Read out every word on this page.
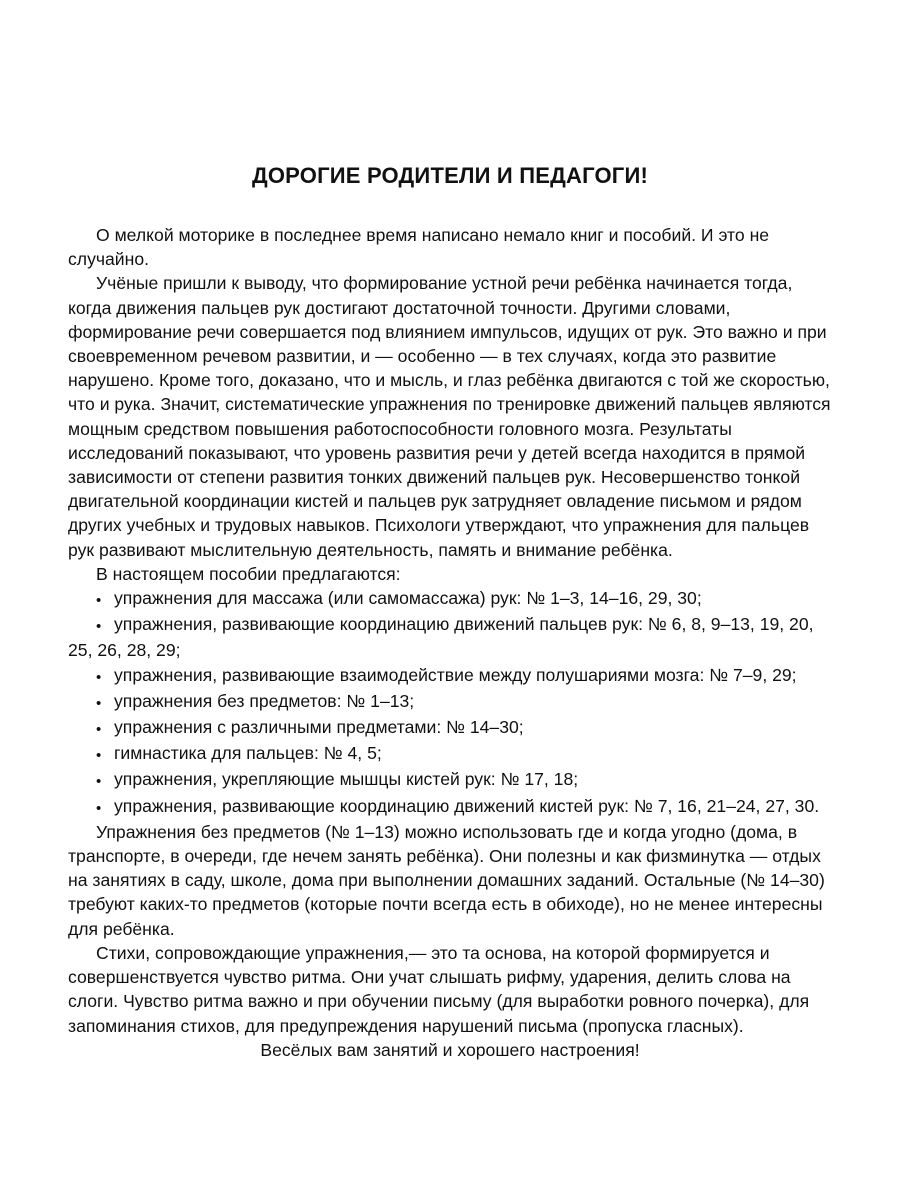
ДОРОГИЕ РОДИТЕЛИ И ПЕДАГОГИ!

О мелкой моторике в последнее время написано немало книг и пособий. И это не случайно.

Учёные пришли к выводу, что формирование устной речи ребёнка начинается тогда, когда движения пальцев рук достигают достаточной точности. Другими словами, формирование речи совершается под влиянием импульсов, идущих от рук. Это важно и при своевременном речевом развитии, и — особенно — в тех случаях, когда это развитие нарушено. Кроме того, доказано, что и мысль, и глаз ребёнка двигаются с той же скоростью, что и рука. Значит, систематические упражнения по тренировке движений пальцев являются мощным средством повышения работоспособности головного мозга. Результаты исследований показывают, что уровень развития речи у детей всегда находится в прямой зависимости от степени развития тонких движений пальцев рук. Несовершенство тонкой двигательной координации кистей и пальцев рук затрудняет овладение письмом и рядом других учебных и трудовых навыков. Психологи утверждают, что упражнения для пальцев рук развивают мыслительную деятельность, память и внимание ребёнка.

В настоящем пособии предлагаются:

• упражнения для массажа (или самомассажа) рук: № 1–3, 14–16, 29, 30;
• упражнения, развивающие координацию движений пальцев рук: № 6, 8, 9–13, 19, 20, 25, 26, 28, 29;
• упражнения, развивающие взаимодействие между полушариями мозга: № 7–9, 29;
• упражнения без предметов: № 1–13;
• упражнения с различными предметами: № 14–30;
• гимнастика для пальцев: № 4, 5;
• упражнения, укрепляющие мышцы кистей рук: № 17, 18;
• упражнения, развивающие координацию движений кистей рук: № 7, 16, 21–24, 27, 30.

Упражнения без предметов (№ 1–13) можно использовать где и когда угодно (дома, в транспорте, в очереди, где нечем занять ребёнка). Они полезны и как физминутка — отдых на занятиях в саду, школе, дома при выполнении домашних заданий. Остальные (№ 14–30) требуют каких-то предметов (которые почти всегда есть в обиходе), но не менее интересны для ребёнка.

Стихи, сопровождающие упражнения,— это та основа, на которой формируется и совершенствуется чувство ритма. Они учат слышать рифму, ударения, делить слова на слоги. Чувство ритма важно и при обучении письму (для выработки ровного почерка), для запоминания стихов, для предупреждения нарушений письма (пропуска гласных).

Весёлых вам занятий и хорошего настроения!
